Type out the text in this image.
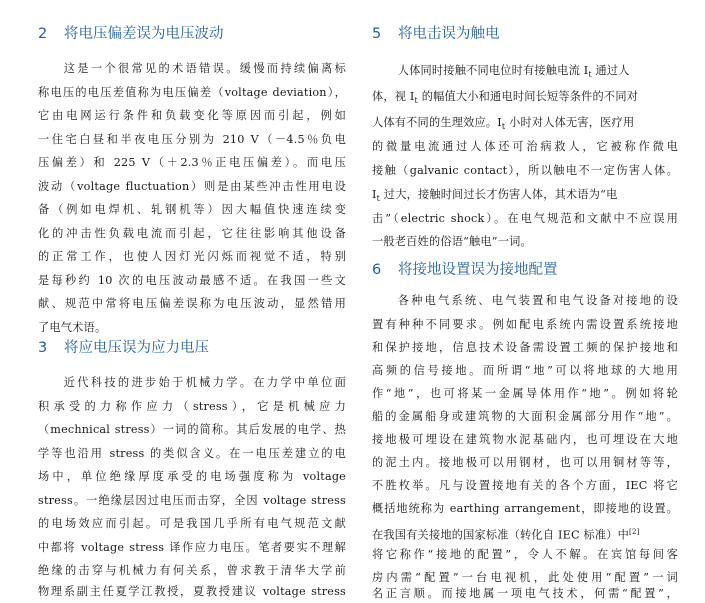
2 将电压偏差误为电压波动
这是一个很常见的术语错误。缓慢而持续偏离标
称电压的电压差值称为电压偏差（voltage deviation），
它由电网运行条件和负载变化等原因而引起，例如
一住宅白昼和半夜电压分别为 210 V（－4.5％负电
压偏差）和 225 V（＋2.3％正电压偏差）。而电压
波动（voltage fluctuation）则是由某些冲击性用电设
备（例如电焊机、轧钢机等）因大幅值快速连续变
化的冲击性负载电流而引起，它往往影响其他设备
的正常工作，也使人因灯光闪烁而视觉不适，特别
是每秒约 10 次的电压波动最感不适。在我国一些文
献、规范中常将电压偏差误称为电压波动，显然错用
了电气术语。
3 将应电压误为应力电压
近代科技的进步始于机械力学。在力学中单位面
积承受的力称作应力（stress），它是机械应力
（mechnical stress）一词的简称。其后发展的电学、热
学等也沿用 stress 的类似含义。在一电压差建立的电
场中，单位绝缘厚度承受的电场强度称为 voltage
stress。一绝缘层因过电压而击穿，全因 voltage stress
的电场效应而引起。可是我国几乎所有电气规范文献
中都将 voltage stress 译作应力电压。笔者要实不理解
绝缘的击穿与机械力有何关系，曾求教于清华大学前
物理系副主任夏学江教授，夏教授建议 voltage stress
5 将电击误为触电
人体同时接触不同电位时有接触电流 $I_t$ 通过人
体，视 $I_t$ 的幅值大小和通电时间长短等条件的不同对
人体有不同的生理效应。$I_t$ 小时对人体无害，医疗用
的微量电流通过人体还可治病救人，它被称作微电
接触（galvanic contact），所以触电不一定伤害人体。
$I_t$ 过大，接触时间过长才伤害人体，其术语为“电
击”（electric shock）。在电气规范和文献中不应误用
一般老百姓的俗语“触电”一词。
6 将接地设置误为接地配置
各种电气系统、电气装置和电气设备对接地的设
置有种种不同要求。例如配电系统内需设置系统接地
和保护接地，信息技术设备需设置工频的保护接地和
高频的信号接地。而所谓“地”可以将地球的大地用
作“地”，也可将某一金属导体用作“地”。例如将轮
船的金属船身或建筑物的大面积金属部分用作“地”。
接地极可埋设在建筑物水泥基础内，也可埋设在大地
的泥土内。接地极可以用钢材，也可以用铜材等等，
不胜枚举。凡与设置接地有关的各个方面，IEC 将它
概括地统称为 earthing arrangement，即接地的设置。
在我国有关接地的国家标准（转化自 IEC 标准）中[2]
将它称作“接地的配置”，令人不解。在宾馆每间客
房内需“配置”一台电视机，此处使用“配置”一词
名正言顺。而接地属一项电气技术，何需“配置”，
